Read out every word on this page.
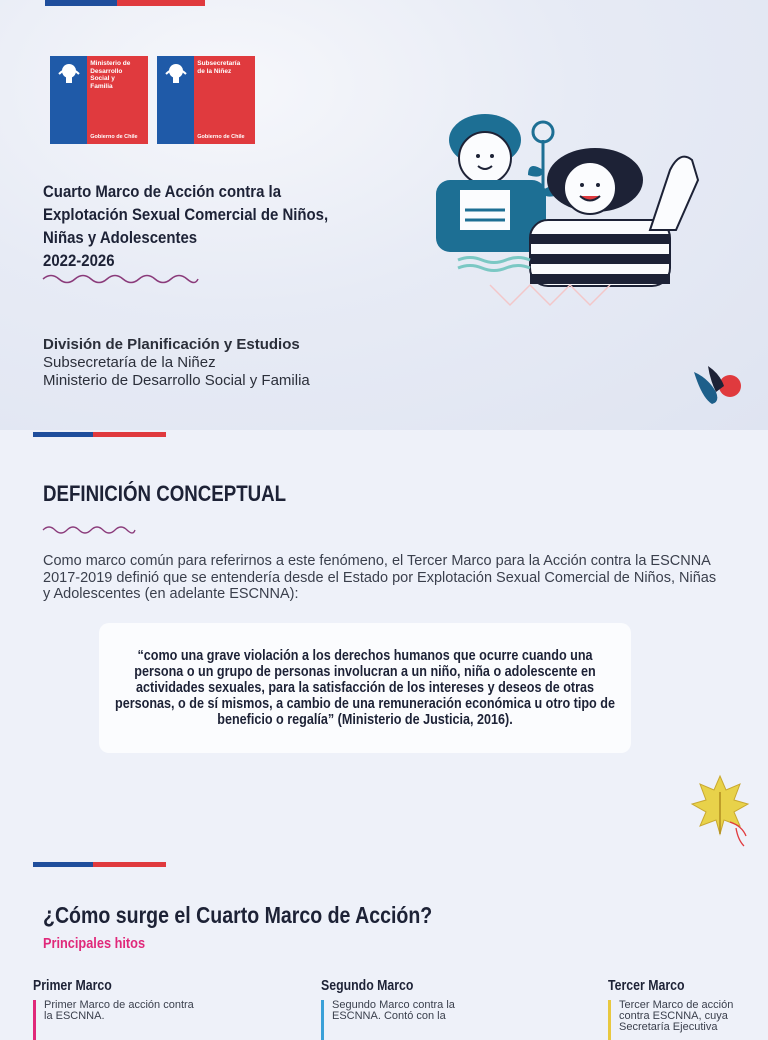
Ministerio de
Desarrollo
Social y
Familia
Gobierno de Chile
Subsecretaría
de la Niñez
Gobierno de Chile
Cuarto Marco de Acción contra la
Explotación Sexual Comercial de Niños,
Niñas y Adolescentes
2022-2026
División de Planificación y Estudios
Subsecretaría de la Niñez
Ministerio de Desarrollo Social y Familia
DEFINICIÓN CONCEPTUAL

Como marco común para referirnos a este fenómeno, el Tercer Marco para la Acción contra la ESCNNA 2017-2019 definió que se entendería desde el Estado por Explotación Sexual Comercial de Niños, Niñas y Adolescentes (en adelante ESCNNA):

“como una grave violación a los derechos humanos que ocurre cuando una persona o un grupo de personas involucran a un niño, niña o adolescente en actividades sexuales, para la satisfacción de los intereses y deseos de otras personas, o de sí mismos, a cambio de una remuneración económica u otro tipo de beneficio o regalía” (Ministerio de Justicia, 2016).

¿Cómo surge el Cuarto Marco de Acción?
Principales hitos
Primer Marco
Primer Marco de acción contra la ESCNNA.
Segundo Marco
Segundo Marco contra la ESCNNA. Contó con la
Tercer Marco
Tercer Marco de acción contra ESCNNA, cuya Secretaría Ejecutiva
